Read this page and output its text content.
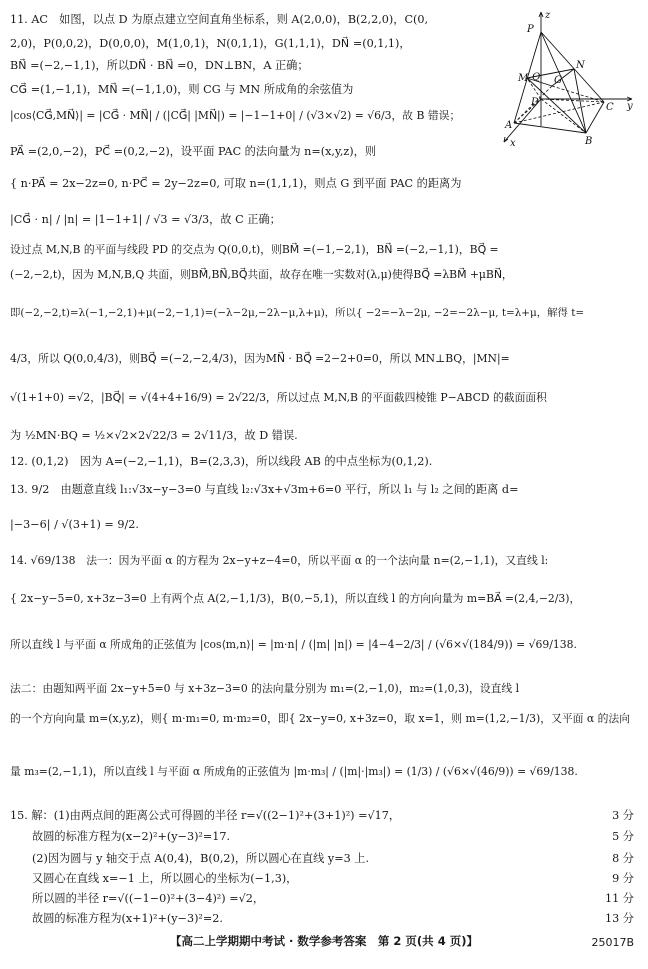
z
P
M
N
G
Q
D	C y
A
B
x
11. AC　如图，以点 D 为原点建立空间直角坐标系，则 A(2,0,0)，B(2,2,0)，C(0,
2,0)，P(0,0,2)，D(0,0,0)，M(1,0,1)，N(0,1,1)，G(1,1,1)，DN⃗ =(0,1,1)，
BN⃗ =(−2,−1,1)，所以DN⃗ · BN⃗ =0，DN⊥BN，A 正确；
CG⃗ =(1,−1,1)，MN⃗ =(−1,1,0)，则 CG 与 MN 所成角的余弦值为
|cos⟨CG⃗,MN⃗⟩| = |CG⃗ · MN⃗| / (|CG⃗| |MN⃗|) = |−1−1+0| / (√3×√2) = √6/3，故 B 错误；
PA⃗ =(2,0,−2)，PC⃗ =(0,2,−2)，设平面 PAC 的法向量为 n=(x,y,z)，则
{ n·PA⃗ = 2x−2z=0, n·PC⃗ = 2y−2z=0, 可取 n=(1,1,1)，则点 G 到平面 PAC 的距离为
|CG⃗ · n| / |n| = |1−1+1| / √3 = √3/3，故 C 正确；
设过点 M,N,B 的平面与线段 PD 的交点为 Q(0,0,t)，则BM⃗ =(−1,−2,1)，BN⃗ =(−2,−1,1)，BQ⃗ =
(−2,−2,t)，因为 M,N,B,Q 共面，则BM⃗,BN⃗,BQ⃗共面，故存在唯一实数对(λ,μ)使得BQ⃗ =λBM⃗ +μBN⃗，
即(−2,−2,t)=λ(−1,−2,1)+μ(−2,−1,1)=(−λ−2μ,−2λ−μ,λ+μ)，所以{ −2=−λ−2μ, −2=−2λ−μ, t=λ+μ，解得 t=
4/3，所以 Q(0,0,4/3)，则BQ⃗ =(−2,−2,4/3)，因为MN⃗ · BQ⃗ =2−2+0=0，所以 MN⊥BQ，|MN|=
√(1+1+0) =√2，|BQ⃗| = √(4+4+16/9) = 2√22/3，所以过点 M,N,B 的平面截四棱锥 P−ABCD 的截面面积
为 ½MN·BQ = ½×√2×2√22/3 = 2√11/3，故 D 错误.
12. (0,1,2)　因为 A=(−2,−1,1)，B=(2,3,3)，所以线段 AB 的中点坐标为(0,1,2).
13. 9/2　由题意直线 l₁:√3x−y−3=0 与直线 l₂:√3x+√3m+6=0 平行，所以 l₁ 与 l₂ 之间的距离 d=
|−3−6| / √(3+1) = 9/2.
14. √69/138　法一：因为平面 α 的方程为 2x−y+z−4=0，所以平面 α 的一个法向量 n=(2,−1,1)，又直线 l:
{ 2x−y−5=0, x+3z−3=0 上有两个点 A(2,−1,1/3)，B(0,−5,1)，所以直线 l 的方向向量为 m=BA⃗ =(2,4,−2/3)，
所以直线 l 与平面 α 所成角的正弦值为 |cos⟨m,n⟩| = |m·n| / (|m| |n|) = |4−4−2/3| / (√6×√(184/9)) = √69/138.
法二：由题知两平面 2x−y+5=0 与 x+3z−3=0 的法向量分别为 m₁=(2,−1,0)，m₂=(1,0,3)，设直线 l
的一个方向向量 m=(x,y,z)，则{ m·m₁=0, m·m₂=0，即{ 2x−y=0, x+3z=0，取 x=1，则 m=(1,2,−1/3)，又平面 α 的法向
量 m₃=(2,−1,1)，所以直线 l 与平面 α 所成角的正弦值为 |m·m₃| / (|m|·|m₃|) = (1/3) / (√6×√(46/9)) = √69/138.
15. 解：(1)由两点间的距离公式可得圆的半径 r=√((2−1)²+(3+1)²) =√17，	3 分
故圆的标准方程为(x−2)²+(y−3)²=17.	5 分
(2)因为圆与 y 轴交于点 A(0,4)，B(0,2)，所以圆心在直线 y=3 上.	8 分
又圆心在直线 x=−1 上，所以圆心的坐标为(−1,3)，	9 分
所以圆的半径 r=√((−1−0)²+(3−4)²) =√2，	11 分
故圆的标准方程为(x+1)²+(y−3)²=2.	13 分
【高二上学期期中考试 · 数学参考答案　第 2 页(共 4 页)】	25017B
